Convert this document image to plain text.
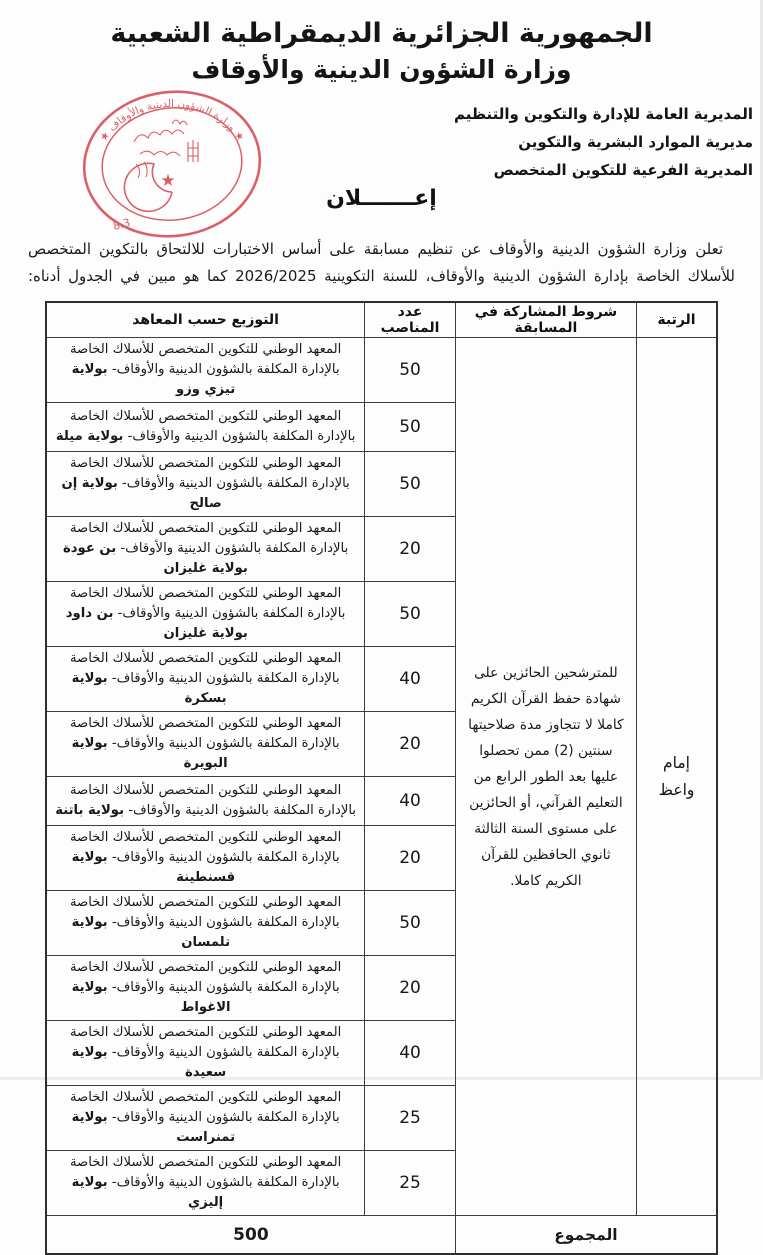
الجمهورية الجزائرية الديمقراطية الشعبية
وزارة الشؤون الدينية والأوقاف
★ وزارة الشؤون الدينية والأوقاف ★
★
8.3
المديرية العامة للإدارة والتكوين والتنظيم
مديرية الموارد البشرية والتكوين
المديرية الفرعية للتكوين المتخصص
إعـــــــلان
تعلن وزارة الشؤون الدينية والأوقاف عن تنظيم مسابقة على أساس الاختبارات للالتحاق بالتكوين المتخصص للأسلاك الخاصة بإدارة الشؤون الدينية والأوقاف، للسنة التكوينية 2026/2025 كما هو مبين في الجدول أدناه:
الرتبة	شروط المشاركة في المسابقة	عدد المناصب	التوزيع حسب المعاهد
إمام واعظ	للمترشحين الحائزين على شهادة حفظ القرآن الكريم كاملا لا تتجاوز مدة صلاحيتها سنتين (2) ممن تحصلوا عليها بعد الطور الرابع من التعليم القرآني، أو الحائزين على مستوى السنة الثالثة ثانوي الحافظين للقرآن الكريم كاملا.	50	المعهد الوطني للتكوين المتخصص للأسلاك الخاصة بالإدارة المكلفة بالشؤون الدينية والأوقاف- بولاية تيزي وزو
		50	المعهد الوطني للتكوين المتخصص للأسلاك الخاصة بالإدارة المكلفة بالشؤون الدينية والأوقاف- بولاية ميلة
		50	المعهد الوطني للتكوين المتخصص للأسلاك الخاصة بالإدارة المكلفة بالشؤون الدينية والأوقاف- بولاية إن صالح
		20	المعهد الوطني للتكوين المتخصص للأسلاك الخاصة بالإدارة المكلفة بالشؤون الدينية والأوقاف- بن عودة بولاية غليزان
		50	المعهد الوطني للتكوين المتخصص للأسلاك الخاصة بالإدارة المكلفة بالشؤون الدينية والأوقاف- بن داود بولاية غليزان
		40	المعهد الوطني للتكوين المتخصص للأسلاك الخاصة بالإدارة المكلفة بالشؤون الدينية والأوقاف- بولاية بسكرة
		20	المعهد الوطني للتكوين المتخصص للأسلاك الخاصة بالإدارة المكلفة بالشؤون الدينية والأوقاف- بولاية البويرة
		40	المعهد الوطني للتكوين المتخصص للأسلاك الخاصة بالإدارة المكلفة بالشؤون الدينية والأوقاف- بولاية باتنة
		20	المعهد الوطني للتكوين المتخصص للأسلاك الخاصة بالإدارة المكلفة بالشؤون الدينية والأوقاف- بولاية قسنطينة
		50	المعهد الوطني للتكوين المتخصص للأسلاك الخاصة بالإدارة المكلفة بالشؤون الدينية والأوقاف- بولاية تلمسان
		20	المعهد الوطني للتكوين المتخصص للأسلاك الخاصة بالإدارة المكلفة بالشؤون الدينية والأوقاف- بولاية الاغواط
		40	المعهد الوطني للتكوين المتخصص للأسلاك الخاصة بالإدارة المكلفة بالشؤون الدينية والأوقاف- بولاية سعيدة
		25	المعهد الوطني للتكوين المتخصص للأسلاك الخاصة بالإدارة المكلفة بالشؤون الدينية والأوقاف- بولاية تمنراست
		25	المعهد الوطني للتكوين المتخصص للأسلاك الخاصة بالإدارة المكلفة بالشؤون الدينية والأوقاف- بولاية إليزي
المجموع		500	
